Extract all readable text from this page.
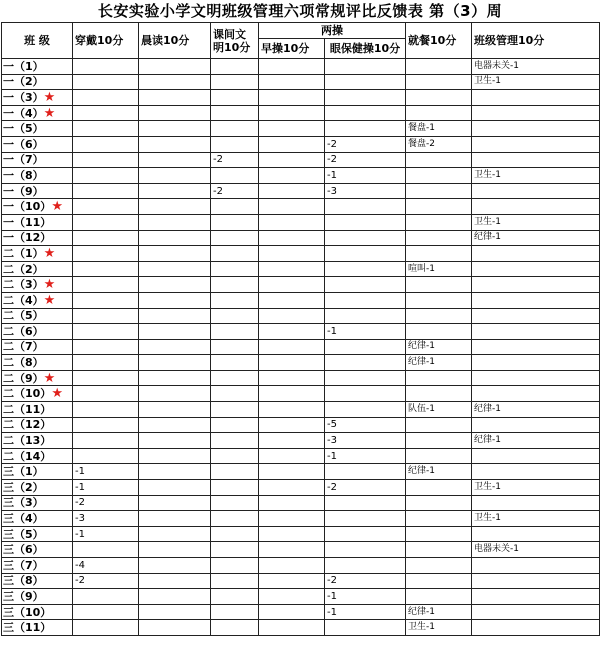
长安实验小学文明班级管理六项常规评比反馈表 第（3）周
班 级	穿戴10分	晨读10分	课间文明10分	两操		就餐10分	班级管理10分
				早操10分	眼保健操10分		
一（1）							电器未关-1
一（2）							卫生-1
一（3）★							
一（4）★							
一（5）						餐盘-1	
一（6）					-2	餐盘-2	
一（7）			-2		-2		
一（8）					-1		卫生-1
一（9）			-2		-3		
一（10）★							
一（11）							卫生-1
一（12）							纪律-1
二（1）★							
二（2）						喧叫-1	
二（3）★							
二（4）★							
二（5）							
二（6）					-1		
二（7）						纪律-1	
二（8）						纪律-1	
二（9）★							
二（10）★							
二（11）						队伍-1	纪律-1
二（12）					-5		
二（13）					-3		纪律-1
二（14）					-1		
三（1）	-1					纪律-1	
三（2）	-1				-2		卫生-1
三（3）	-2						
三（4）	-3						卫生-1
三（5）	-1						
三（6）							电器未关-1
三（7）	-4						
三（8）	-2				-2		
三（9）					-1		
三（10）					-1	纪律-1	
三（11）						卫生-1	
